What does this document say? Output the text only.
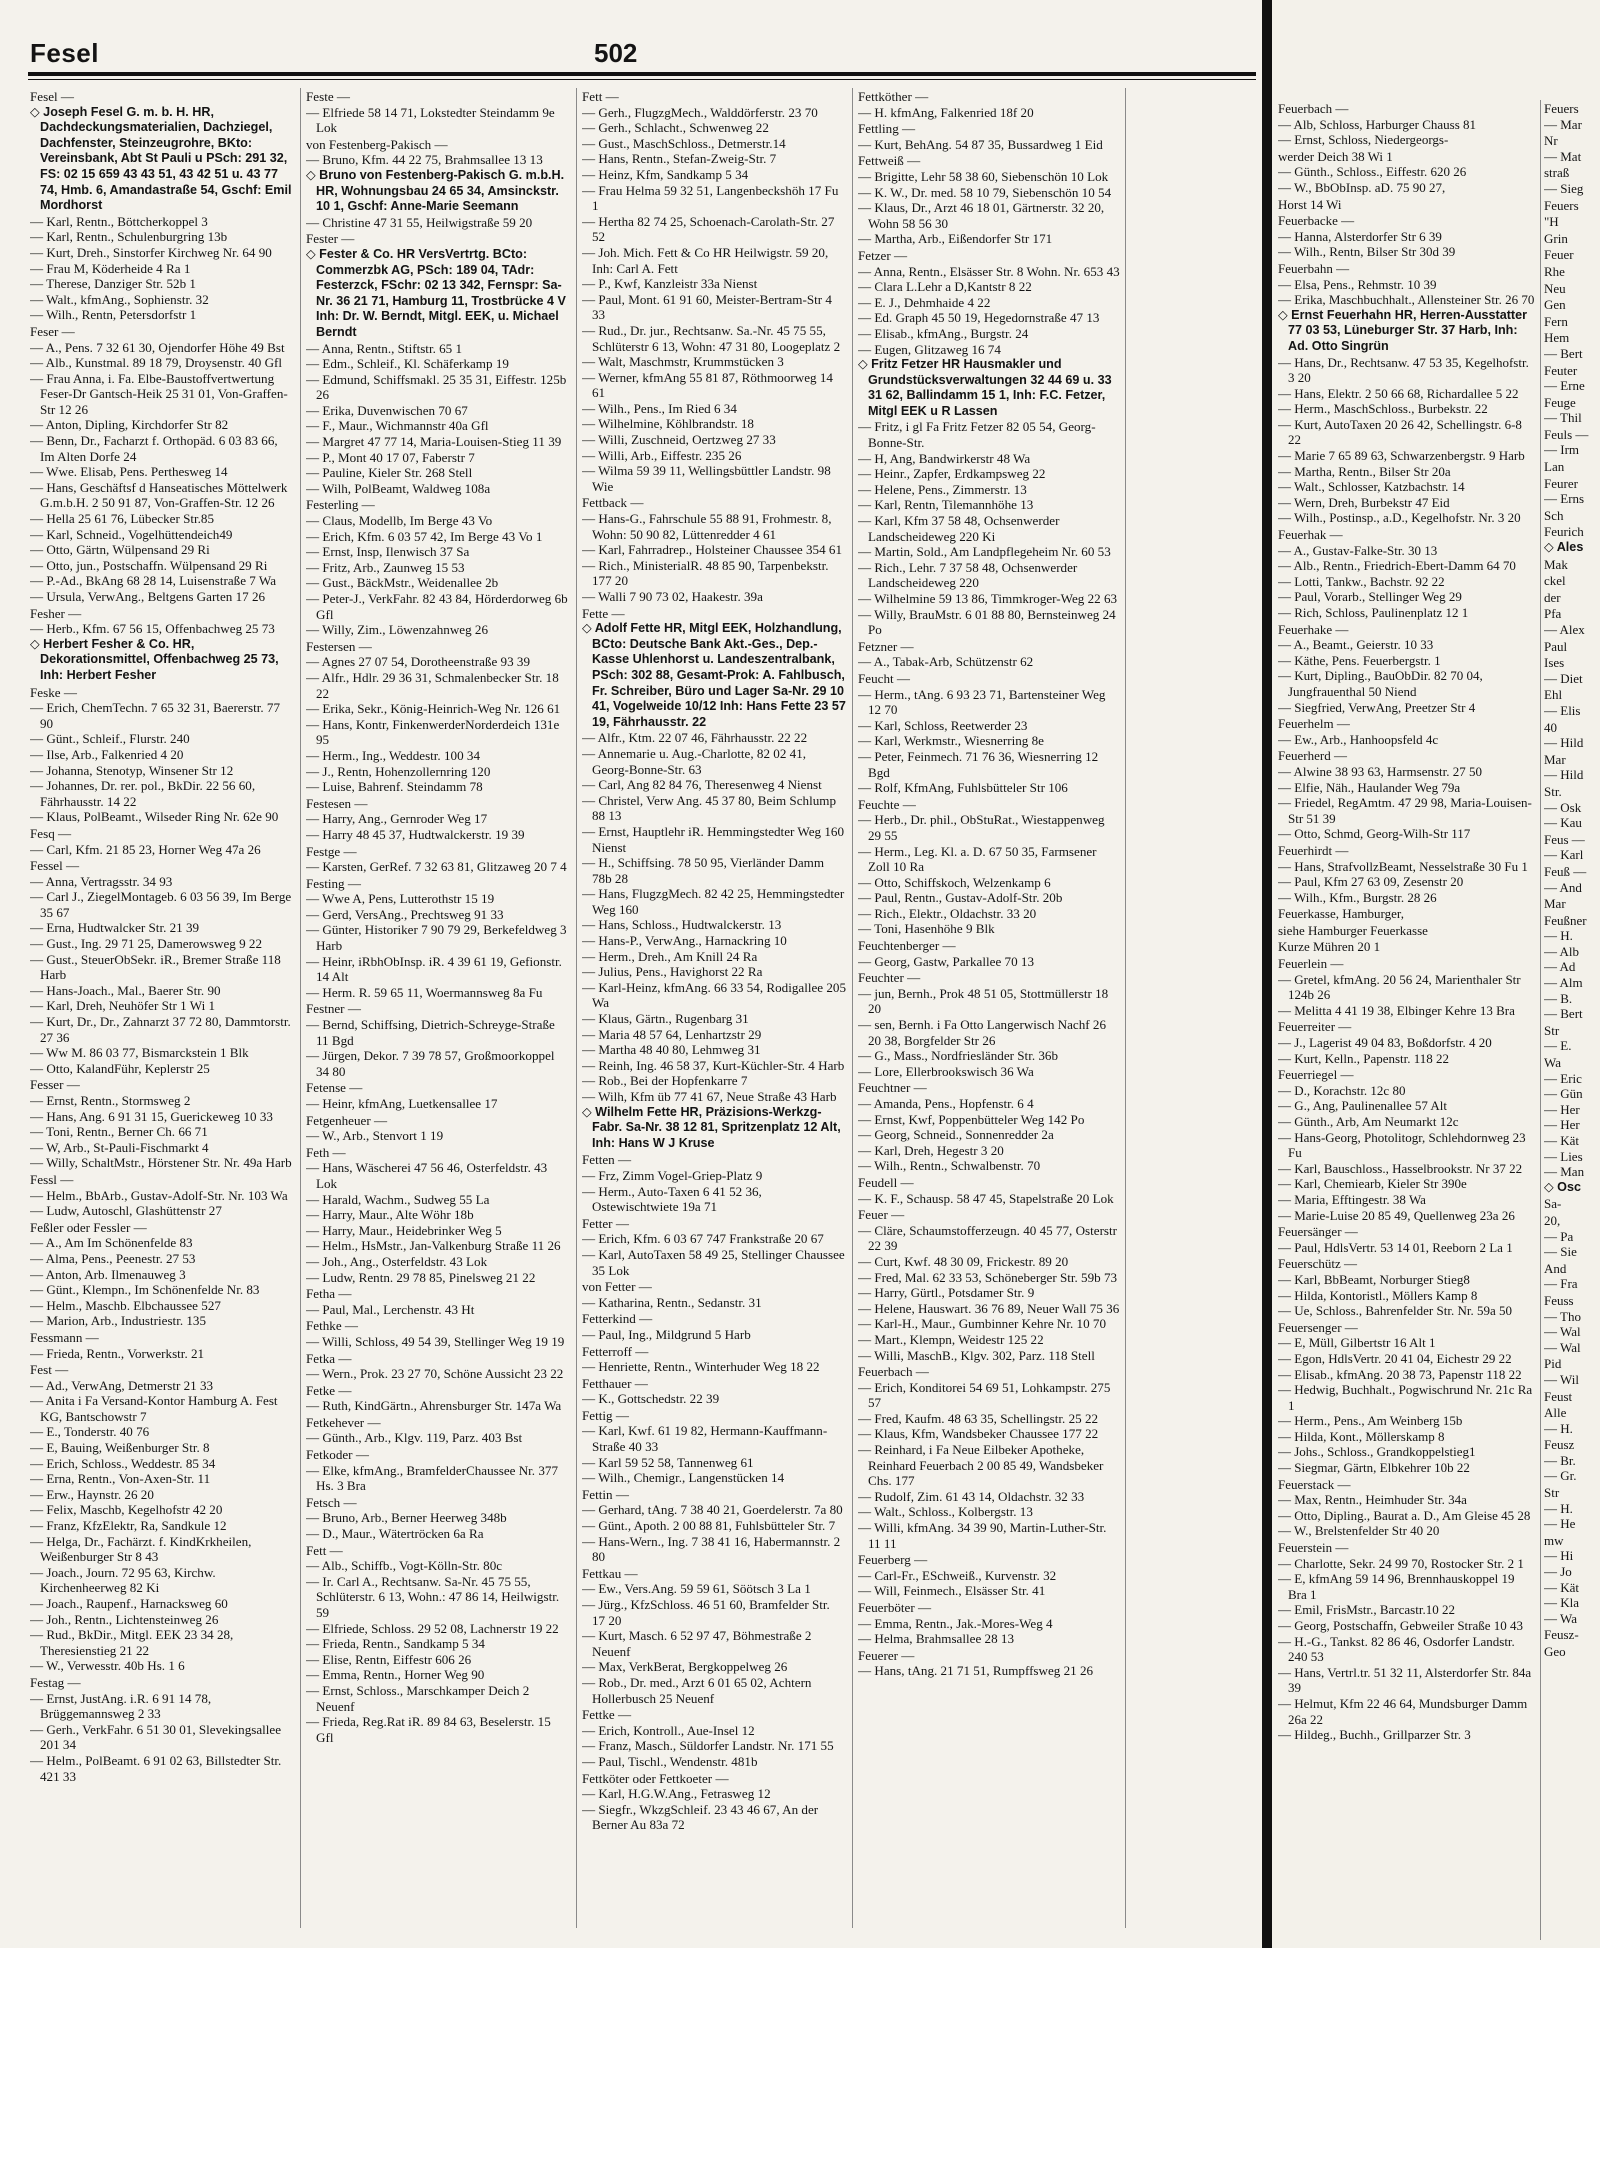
Fesel	502

Fesel —

◇ Joseph Fesel G. m. b. H. HR, Dachdeckungsmaterialien, Dachziegel, Dachfenster, Steinzeugrohre, BKto: Vereinsbank, Abt St Pauli u PSch: 291 32, FS: 02 15 659 43 43 51, 43 42 51 u. 43 77 74, Hmb. 6, Amandastraße 54, Gschf: Emil Mordhorst

— Karl, Rentn., Böttcherkoppel 3

— Karl, Rentn., Schulenburgring 13b

— Kurt, Dreh., Sinstorfer Kirchweg Nr. 64 90

— Frau M, Köderheide 4 Ra 1

— Therese, Danziger Str. 52b 1

— Walt., kfmAng., Sophienstr. 32

— Wilh., Rentn, Petersdorfstr 1

Feser —

— A., Pens. 7 32 61 30, Ojendorfer Höhe 49 Bst

— Alb., Kunstmal. 89 18 79, Droysenstr. 40 Gfl

— Frau Anna, i. Fa. Elbe-Baustoffvertwertung Feser-Dr Gantsch-Heik 25 31 01, Von-Graffen-Str 12 26

— Anton, Dipling, Kirchdorfer Str 82

— Benn, Dr., Facharzt f. Orthopäd. 6 03 83 66, Im Alten Dorfe 24

— Wwe. Elisab, Pens. Perthesweg 14

— Hans, Geschäftsf d Hanseatisches Möttelwerk G.m.b.H. 2 50 91 87, Von-Graffen-Str. 12 26

— Hella 25 61 76, Lübecker Str.85

— Karl, Schneid., Vogelhüttendeich49

— Otto, Gärtn, Wülpensand 29 Ri

— Otto, jun., Postschaffn. Wülpensand 29 Ri

— P.-Ad., BkAng 68 28 14, Luisenstraße 7 Wa

— Ursula, VerwAng., Beltgens Garten 17 26

Fesher —

— Herb., Kfm. 67 56 15, Offenbachweg 25 73

◇ Herbert Fesher & Co. HR, Dekorationsmittel, Offenbachweg 25 73, Inh: Herbert Fesher

Feske —

— Erich, ChemTechn. 7 65 32 31, Baererstr. 77 90

— Günt., Schleif., Flurstr. 240

— Ilse, Arb., Falkenried 4 20

— Johanna, Stenotyp, Winsener Str 12

— Johannes, Dr. rer. pol., BkDir. 22 56 60, Fährhausstr. 14 22

— Klaus, PolBeamt., Wilseder Ring Nr. 62e 90

Fesq —

— Carl, Kfm. 21 85 23, Horner Weg 47a 26

Fessel —

— Anna, Vertragsstr. 34 93

— Carl J., ZiegelMontageb. 6 03 56 39, Im Berge 35 67

— Erna, Hudtwalcker Str. 21 39

— Gust., Ing. 29 71 25, Damerowsweg 9 22

— Gust., SteuerObSekr. iR., Bremer Straße 118 Harb

— Hans-Joach., Mal., Baerer Str. 90

— Karl, Dreh, Neuhöfer Str 1 Wi 1

— Kurt, Dr., Dr., Zahnarzt 37 72 80, Dammtorstr. 27 36

— Ww M. 86 03 77, Bismarckstein 1 Blk

— Otto, KalandFühr, Keplerstr 25

Fesser —

— Ernst, Rentn., Stormsweg 2

— Hans, Ang. 6 91 31 15, Guerickeweg 10 33

— Toni, Rentn., Berner Ch. 66 71

— W, Arb., St-Pauli-Fischmarkt 4

— Willy, SchaltMstr., Hörstener Str. Nr. 49a Harb

Fessl —

— Helm., BbArb., Gustav-Adolf-Str. Nr. 103 Wa

— Ludw, Autoschl, Glashüttenstr 27

Feßler oder Fessler —

— A., Am Im Schönenfelde 83

— Alma, Pens., Peenestr. 27 53

— Anton, Arb. Ilmenauweg 3

— Günt., Klempn., Im Schönenfelde Nr. 83

— Helm., Maschb. Elbchaussee 527

— Marion, Arb., Industriestr. 135

Fessmann —

— Frieda, Rentn., Vorwerkstr. 21

Fest —

— Ad., VerwAng, Detmerstr 21 33

— Anita i Fa Versand-Kontor Hamburg A. Fest KG, Bantschowstr 7

— E., Tonderstr. 40 76

— E, Bauing, Weißenburger Str. 8

— Erich, Schloss., Weddestr. 85 34

— Erna, Rentn., Von-Axen-Str. 11

— Erw., Haynstr. 26 20

— Felix, Maschb, Kegelhofstr 42 20

— Franz, KfzElektr, Ra, Sandkule 12

— Helga, Dr., Fachärzt. f. KindKrkheilen, Weißenburger Str 8 43

— Joach., Journ. 72 95 63, Kirchw. Kirchenheerweg 82 Ki

— Joach., Raupenf., Harnacksweg 60

— Joh., Rentn., Lichtensteinweg 26

— Rud., BkDir., Mitgl. EEK 23 34 28, Theresienstieg 21 22

— W., Verwesstr. 40b Hs. 1 6

Festag —

— Ernst, JustAng. i.R. 6 91 14 78, Brüggemannsweg 2 33

— Gerh., VerkFahr. 6 51 30 01, Slevekingsallee 201 34

— Helm., PolBeamt. 6 91 02 63, Billstedter Str. 421 33

Feste —

— Elfriede 58 14 71, Lokstedter Steindamm 9e Lok

von Festenberg-Pakisch —

— Bruno, Kfm. 44 22 75, Brahmsallee 13 13

◇ Bruno von Festenberg-Pakisch G. m.b.H. HR, Wohnungsbau 24 65 34, Amsinckstr. 10 1, Gschf: Anne-Marie Seemann

— Christine 47 31 55, Heilwigstraße 59 20

Fester —

◇ Fester & Co. HR VersVertrtg. BCto: Commerzbk AG, PSch: 189 04, TAdr: Festerzck, FSchr: 02 13 342, Fernspr: Sa-Nr. 36 21 71, Hamburg 11, Trostbrücke 4 V Inh: Dr. W. Berndt, Mitgl. EEK, u. Michael Berndt

— Anna, Rentn., Stiftstr. 65 1

— Edm., Schleif., Kl. Schäferkamp 19

— Edmund, Schiffsmakl. 25 35 31, Eiffestr. 125b 26

— Erika, Duvenwischen 70 67

— F., Maur., Wichmannstr 40a Gfl

— Margret 47 77 14, Maria-Louisen-Stieg 11 39

— P., Mont 40 17 07, Faberstr 7

— Pauline, Kieler Str. 268 Stell

— Wilh, PolBeamt, Waldweg 108a

Festerling —

— Claus, Modellb, Im Berge 43 Vo

— Erich, Kfm. 6 03 57 42, Im Berge 43 Vo 1

— Ernst, Insp, Ilenwisch 37 Sa

— Fritz, Arb., Zaunweg 15 53

— Gust., BäckMstr., Weidenallee 2b

— Peter-J., VerkFahr. 82 43 84, Hörderdorweg 6b Gfl

— Willy, Zim., Löwenzahnweg 26

Festersen —

— Agnes 27 07 54, Dorotheenstraße 93 39

— Alfr., Hdlr. 29 36 31, Schmalenbecker Str. 18 22

— Erika, Sekr., König-Heinrich-Weg Nr. 126 61

— Hans, Kontr, FinkenwerderNorderdeich 131e 95

— Herm., Ing., Weddestr. 100 34

— J., Rentn, Hohenzollernring 120

— Luise, Bahrenf. Steindamm 78

Festesen —

— Harry, Ang., Gernroder Weg 17

— Harry 48 45 37, Hudtwalckerstr. 19 39

Festge —

— Karsten, GerRef. 7 32 63 81, Glitzaweg 20 7 4

Festing —

— Wwe A, Pens, Lutterothstr 15 19

— Gerd, VersAng., Prechtsweg 91 33

— Günter, Historiker 7 90 79 29, Berkefeldweg 3 Harb

— Heinr, iRbhObInsp. iR. 4 39 61 19, Gefionstr. 14 Alt

— Herm. R. 59 65 11, Woermannsweg 8a Fu

Festner —

— Bernd, Schiffsing, Dietrich-Schreyge-Straße 11 Bgd

— Jürgen, Dekor. 7 39 78 57, Großmoorkoppel 34 80

Fetense —

— Heinr, kfmAng, Luetkensallee 17

Fetgenheuer —

— W., Arb., Stenvort 1 19

Feth —

— Hans, Wäscherei 47 56 46, Osterfeldstr. 43 Lok

— Harald, Wachm., Sudweg 55 La

— Harry, Maur., Alte Wöhr 18b

— Harry, Maur., Heidebrinker Weg 5

— Helm., HsMstr., Jan-Valkenburg Straße 11 26

— Joh., Ang., Osterfeldstr. 43 Lok

— Ludw, Rentn. 29 78 85, Pinelsweg 21 22

Fetha —

— Paul, Mal., Lerchenstr. 43 Ht

Fethke —

— Willi, Schloss, 49 54 39, Stellinger Weg 19 19

Fetka —

— Wern., Prok. 23 27 70, Schöne Aussicht 23 22

Fetke —

— Ruth, KindGärtn., Ahrensburger Str. 147a Wa

Fetkehever —

— Günth., Arb., Klgv. 119, Parz. 403 Bst

Fetkoder —

— Elke, kfmAng., BramfelderChaussee Nr. 377 Hs. 3 Bra

Fetsch —

— Bruno, Arb., Berner Heerweg 348b

— D., Maur., Wätertröcken 6a Ra

Fett —

— Alb., Schiffb., Vogt-Kölln-Str. 80c

— Ir. Carl A., Rechtsanw. Sa-Nr. 45 75 55, Schlüterstr. 6 13, Wohn.: 47 86 14, Heilwigstr. 59

— Elfriede, Schloss. 29 52 08, Lachnerstr 19 22

— Frieda, Rentn., Sandkamp 5 34

— Elise, Rentn, Eiffestr 606 26

— Emma, Rentn., Horner Weg 90

— Ernst, Schloss., Marschkamper Deich 2 Neuenf

— Frieda, Reg.Rat iR. 89 84 63, Beselerstr. 15 Gfl

Fett —

— Gerh., FlugzgMech., Walddörferstr. 23 70

— Gerh., Schlacht., Schwenweg 22

— Gust., MaschSchloss., Detmerstr.14

— Hans, Rentn., Stefan-Zweig-Str. 7

— Heinz, Kfm, Sandkamp 5 34

— Frau Helma 59 32 51, Langenbeckshöh 17 Fu 1

— Hertha 82 74 25, Schoenach-Carolath-Str. 27 52

— Joh. Mich. Fett & Co HR Heilwigstr. 59 20, Inh: Carl A. Fett

— P., Kwf, Kanzleistr 33a Nienst

— Paul, Mont. 61 91 60, Meister-Bertram-Str 4 33

— Rud., Dr. jur., Rechtsanw. Sa.-Nr. 45 75 55, Schlüterstr 6 13, Wohn: 47 31 80, Loogeplatz 2

— Walt, Maschmstr, Krummstücken 3

— Werner, kfmAng 55 81 87, Röthmoorweg 14 61

— Wilh., Pens., Im Ried 6 34

— Wilhelmine, Köhlbrandstr. 18

— Willi, Zuschneid, Oertzweg 27 33

— Willi, Arb., Eiffestr. 235 26

— Wilma 59 39 11, Wellingsbüttler Landstr. 98 Wie

Fettback —

— Hans-G., Fahrschule 55 88 91, Frohmestr. 8, Wohn: 50 90 82, Lüttenredder 4 61

— Karl, Fahrradrep., Holsteiner Chaussee 354 61

— Rich., MinisterialR. 48 85 90, Tarpenbekstr. 177 20

— Walli 7 90 73 02, Haakestr. 39a

Fette —

◇ Adolf Fette HR, Mitgl EEK, Holzhandlung, BCto: Deutsche Bank Akt.-Ges., Dep.-Kasse Uhlenhorst u. Landeszentralbank, PSch: 302 88, Gesamt-Prok: A. Fahlbusch, Fr. Schreiber, Büro und Lager Sa-Nr. 29 10 41, Vogelweide 10/12 Inh: Hans Fette 23 57 19, Fährhausstr. 22

— Alfr., Ktm. 22 07 46, Fährhausstr. 22 22

— Annemarie u. Aug.-Charlotte, 82 02 41, Georg-Bonne-Str. 63

— Carl, Ang 82 84 76, Theresenweg 4 Nienst

— Christel, Verw Ang. 45 37 80, Beim Schlump 88 13

— Ernst, Hauptlehr iR. Hemmingstedter Weg 160 Nienst

— H., Schiffsing. 78 50 95, Vierländer Damm 78b 28

— Hans, FlugzgMech. 82 42 25, Hemmingstedter Weg 160

— Hans, Schloss., Hudtwalckerstr. 13

— Hans-P., VerwAng., Harnackring 10

— Herm., Dreh., Am Knill 24 Ra

— Julius, Pens., Havighorst 22 Ra

— Karl-Heinz, kfmAng. 66 33 54, Rodigallee 205 Wa

— Klaus, Gärtn., Rugenbarg 31

— Maria 48 57 64, Lenhartzstr 29

— Martha 48 40 80, Lehmweg 31

— Reinh, Ing. 46 58 37, Kurt-Küchler-Str. 4 Harb

— Rob., Bei der Hopfenkarre 7

— Wilh, Kfm üb 77 41 67, Neue Straße 43 Harb

◇ Wilhelm Fette HR, Präzisions-Werkzg-Fabr. Sa-Nr. 38 12 81, Spritzenplatz 12 Alt, Inh: Hans W J Kruse

Fetten —

— Frz, Zimm Vogel-Griep-Platz 9

— Herm., Auto-Taxen 6 41 52 36, Ostewischtwiete 19a 71

Fetter —

— Erich, Kfm. 6 03 67 747 Frankstraße 20 67

— Karl, AutoTaxen 58 49 25, Stellinger Chaussee 35 Lok

von Fetter —

— Katharina, Rentn., Sedanstr. 31

Fetterkind —

— Paul, Ing., Mildgrund 5 Harb

Fetterroff —

— Henriette, Rentn., Winterhuder Weg 18 22

Fetthauer —

— K., Gottschedstr. 22 39

Fettig —

— Karl, Kwf. 61 19 82, Hermann-Kauffmann-Straße 40 33

— Karl 59 52 58, Tannenweg 61

— Wilh., Chemigr., Langenstücken 14

Fettin —

— Gerhard, tAng. 7 38 40 21, Goerdelerstr. 7a 80

— Günt., Apoth. 2 00 88 81, Fuhlsbütteler Str. 7

— Hans-Wern., Ing. 7 38 41 16, Habermannstr. 2 80

Fettkau —

— Ew., Vers.Ang. 59 59 61, Söötsch 3 La 1

— Jürg., KfzSchloss. 46 51 60, Bramfelder Str. 17 20

— Kurt, Masch. 6 52 97 47, Böhmestraße 2 Neuenf

— Max, VerkBerat, Bergkoppelweg 26

— Rob., Dr. med., Arzt 6 01 65 02, Achtern Hollerbusch 25 Neuenf

Fettke —

— Erich, Kontroll., Aue-Insel 12

— Franz, Masch., Süldorfer Landstr. Nr. 171 55

— Paul, Tischl., Wendenstr. 481b

Fettköter oder Fettkoeter —

— Karl, H.G.W.Ang., Fetrasweg 12

— Siegfr., WkzgSchleif. 23 43 46 67, An der Berner Au 83a 72

Fettköther —

— H. kfmAng, Falkenried 18f 20

Fettling —

— Kurt, BehAng. 54 87 35, Bussardweg 1 Eid

Fettweiß —

— Brigitte, Lehr 58 38 60, Siebenschön 10 Lok

— K. W., Dr. med. 58 10 79, Siebenschön 10 54

— Klaus, Dr., Arzt 46 18 01, Gärtnerstr. 32 20, Wohn 58 56 30

— Martha, Arb., Eißendorfer Str 171

Fetzer —

— Anna, Rentn., Elsässer Str. 8 Wohn. Nr. 653 43

— Clara L.Lehr a D,Kantstr 8 22

— E. J., Dehmhaide 4 22

— Ed. Graph 45 50 19, Hegedornstraße 47 13

— Elisab., kfmAng., Burgstr. 24

— Eugen, Glitzaweg 16 74

◇ Fritz Fetzer HR Hausmakler und Grundstücksverwaltungen 32 44 69 u. 33 31 62, Ballindamm 15 1, Inh: F.C. Fetzer, Mitgl EEK u R Lassen

— Fritz, i gl Fa Fritz Fetzer 82 05 54, Georg-Bonne-Str.

— H, Ang, Bandwirkerstr 48 Wa

— Heinr., Zapfer, Erdkampsweg 22

— Helene, Pens., Zimmerstr. 13

— Karl, Rentn, Tilemannhöhe 13

— Karl, Kfm 37 58 48, Ochsenwerder Landscheideweg 220 Ki

— Martin, Sold., Am Landpflegeheim Nr. 60 53

— Rich., Lehr. 7 37 58 48, Ochsenwerder Landscheideweg 220

— Wilhelmine 59 13 86, Timmkroger-Weg 22 63

— Willy, BrauMstr. 6 01 88 80, Bernsteinweg 24 Po

Fetzner —

— A., Tabak-Arb, Schützenstr 62

Feucht —

— Herm., tAng. 6 93 23 71, Bartensteiner Weg 12 70

— Karl, Schloss, Reetwerder 23

— Karl, Werkmstr., Wiesnerring 8e

— Peter, Feinmech. 71 76 36, Wiesnerring 12 Bgd

— Rolf, KfmAng, Fuhlsbütteler Str 106

Feuchte —

— Herb., Dr. phil., ObStuRat., Wiestappenweg 29 55

— Herm., Leg. Kl. a. D. 67 50 35, Farmsener Zoll 10 Ra

— Otto, Schiffskoch, Welzenkamp 6

— Paul, Rentn., Gustav-Adolf-Str. 20b

— Rich., Elektr., Oldachstr. 33 20

— Toni, Hasenhöhe 9 Blk

Feuchtenberger —

— Georg, Gastw, Parkallee 70 13

Feuchter —

— jun, Bernh., Prok 48 51 05, Stottmüllerstr 18 20

— sen, Bernh. i Fa Otto Langerwisch Nachf 26 20 38, Borgfelder Str 26

— G., Mass., Nordfriesländer Str. 36b

— Lore, Ellerbrookswisch 36 Wa

Feuchtner —

— Amanda, Pens., Hopfenstr. 6 4

— Ernst, Kwf, Poppenbütteler Weg 142 Po

— Georg, Schneid., Sonnenredder 2a

— Karl, Dreh, Hegestr 3 20

— Wilh., Rentn., Schwalbenstr. 70

Feudell —

— K. F., Schausp. 58 47 45, Stapelstraße 20 Lok

Feuer —

— Cläre, Schaumstofferzeugn. 40 45 77, Osterstr 22 39

— Curt, Kwf. 48 30 09, Frickestr. 89 20

— Fred, Mal. 62 33 53, Schöneberger Str. 59b 73

— Harry, Gürtl., Potsdamer Str. 9

— Helene, Hauswart. 36 76 89, Neuer Wall 75 36

— Karl-H., Maur., Gumbinner Kehre Nr. 10 70

— Mart., Klempn, Weidestr 125 22

— Willi, MaschB., Klgv. 302, Parz. 118 Stell

Feuerbach —

— Erich, Konditorei 54 69 51, Lohkampstr. 275 57

— Fred, Kaufm. 48 63 35, Schellingstr. 25 22

— Klaus, Kfm, Wandsbeker Chaussee 177 22

— Reinhard, i Fa Neue Eilbeker Apotheke, Reinhard Feuerbach 2 00 85 49, Wandsbeker Chs. 177

— Rudolf, Zim. 61 43 14, Oldachstr. 32 33

— Walt., Schloss., Kolbergstr. 13

— Willi, kfmAng. 34 39 90, Martin-Luther-Str. 11 11

Feuerberg —

— Carl-Fr., ESchweiß., Kurvenstr. 32

— Will, Feinmech., Elsässer Str. 41

Feuerböter —

— Emma, Rentn., Jak.-Mores-Weg 4

— Helma, Brahmsallee 28 13

Feuerer —

— Hans, tAng. 21 71 51, Rumpffsweg 21 26

Feuerbach —

— Alb, Schloss, Harburger Chauss 81

— Ernst, Schloss, Niedergeorgs-

werder Deich 38 Wi 1

— Günth., Schloss., Eiffestr. 620 26

— W., BbObInsp. aD. 75 90 27,

Horst 14 Wi

Feuerbacke —

— Hanna, Alsterdorfer Str 6 39

— Wilh., Rentn, Bilser Str 30d 39

Feuerbahn —

— Elsa, Pens., Rehmstr. 10 39

— Erika, Maschbuchhalt., Allensteiner Str. 26 70

◇ Ernst Feuerhahn HR, Herren-Ausstatter 77 03 53, Lüneburger Str. 37 Harb, Inh: Ad. Otto Singrün

— Hans, Dr., Rechtsanw. 47 53 35, Kegelhofstr. 3 20

— Hans, Elektr. 2 50 66 68, Richardallee 5 22

— Herm., MaschSchloss., Burbekstr. 22

— Kurt, AutoTaxen 20 26 42, Schellingstr. 6-8 22

— Marie 7 65 89 63, Schwarzenbergstr. 9 Harb

— Martha, Rentn., Bilser Str 20a

— Walt., Schlosser, Katzbachstr. 14

— Wern, Dreh, Burbekstr 47 Eid

— Wilh., Postinsp., a.D., Kegelhofstr. Nr. 3 20

Feuerhak —

— A., Gustav-Falke-Str. 30 13

— Alb., Rentn., Friedrich-Ebert-Damm 64 70

— Lotti, Tankw., Bachstr. 92 22

— Paul, Vorarb., Stellinger Weg 29

— Rich, Schloss, Paulinenplatz 12 1

Feuerhake —

— A., Beamt., Geierstr. 10 33

— Käthe, Pens. Feuerbergstr. 1

— Kurt, Dipling., BauObDir. 82 70 04, Jungfrauenthal 50 Niend

— Siegfried, VerwAng, Preetzer Str 4

Feuerhelm —

— Ew., Arb., Hanhoopsfeld 4c

Feuerherd —

— Alwine 38 93 63, Harmsenstr. 27 50

— Elfie, Näh., Haulander Weg 79a

— Friedel, RegAmtm. 47 29 98, Maria-Louisen-Str 51 39

— Otto, Schmd, Georg-Wilh-Str 117

Feuerhirdt —

— Hans, StrafvollzBeamt, Nesselstraße 30 Fu 1

— Paul, Kfm 27 63 09, Zesenstr 20

— Wilh., Kfm., Burgstr. 28 26

Feuerkasse, Hamburger,

siehe Hamburger Feuerkasse

Kurze Mühren 20 1

Feuerlein —

— Gretel, kfmAng. 20 56 24, Marienthaler Str 124b 26

— Melitta 4 41 19 38, Elbinger Kehre 13 Bra

Feuerreiter —

— J., Lagerist 49 04 83, Boßdorfstr. 4 20

— Kurt, Kelln., Papenstr. 118 22

Feuerriegel —

— D., Korachstr. 12c 80

— G., Ang, Paulinenallee 57 Alt

— Günth., Arb, Am Neumarkt 12c

— Hans-Georg, Photolitogr, Schlehdornweg 23 Fu

— Karl, Bauschloss., Hasselbrookstr. Nr 37 22

— Karl, Chemiearb, Kieler Str 390e

— Maria, Efftingestr. 38 Wa

— Marie-Luise 20 85 49, Quellenweg 23a 26

Feuersänger —

— Paul, HdlsVertr. 53 14 01, Reeborn 2 La 1

Feuerschütz —

— Karl, BbBeamt, Norburger Stieg8

— Hilda, Kontoristl., Möllers Kamp 8

— Ue, Schloss., Bahrenfelder Str. Nr. 59a 50

Feuersenger —

— E, Müll, Gilbertstr 16 Alt 1

— Egon, HdlsVertr. 20 41 04, Eichestr 29 22

— Elisab., kfmAng. 20 38 73, Papenstr 118 22

— Hedwig, Buchhalt., Pogwischrund Nr. 21c Ra 1

— Herm., Pens., Am Weinberg 15b

— Hilda, Kont., Möllerskamp 8

— Johs., Schloss., Grandkoppelstieg1

— Siegmar, Gärtn, Elbkehrer 10b 22

Feuerstack —

— Max, Rentn., Heimhuder Str. 34a

— Otto, Dipling., Baurat a. D., Am Gleise 45 28

— W., Brelstenfelder Str 40 20

Feuerstein —

— Charlotte, Sekr. 24 99 70, Rostocker Str. 2 1

— E, kfmAng 59 14 96, Brennhauskoppel 19 Bra 1

— Emil, FrisMstr., Barcastr.10 22

— Georg, Postschaffn, Gebweiler Straße 10 43

— H.-G., Tankst. 82 86 46, Osdorfer Landstr. 240 53

— Hans, Vertrl.tr. 51 32 11, Alsterdorfer Str. 84a 39

— Helmut, Kfm 22 46 64, Mundsburger Damm 26a 22

— Hildeg., Buchh., Grillparzer Str. 3

Feuers

— Mar

Nr

— Mat

straß

— Sieg

Feuers

"H

Grin

Feuer

Rhe

Neu

Gen

Fern

Hem

— Bert

Feuter

— Erne

Feuge

— Thil

Feuls —

— Irm

Lan

Feurer

— Erns

Sch

Feurich

◇ Ales

Mak

ckel

der

Pfa

— Alex

Paul

Ises

— Diet

Ehl

— Elis

40

— Hild

Mar

— Hild

Str.

— Osk

— Kau

Feus —

— Karl

Feuß —

— And

Mar

Feußner

— H.

— Alb

— Ad

— Alm

— B.

— Bert

Str

— E.

Wa

— Eric

— Gün

— Her

— Her

— Kät

— Lies

— Man

◇ Osc

Sa-

20,

— Pa

— Sie

And

— Fra

Feuss

— Tho

— Wal

— Wal

Pid

— Wil

Feust

Alle

— H.

Feusz

— Br.

— Gr.

Str

— H.

— He

mw

— Hi

— Jo

— Kät

— Kla

— Wa

Feusz-

Geo
